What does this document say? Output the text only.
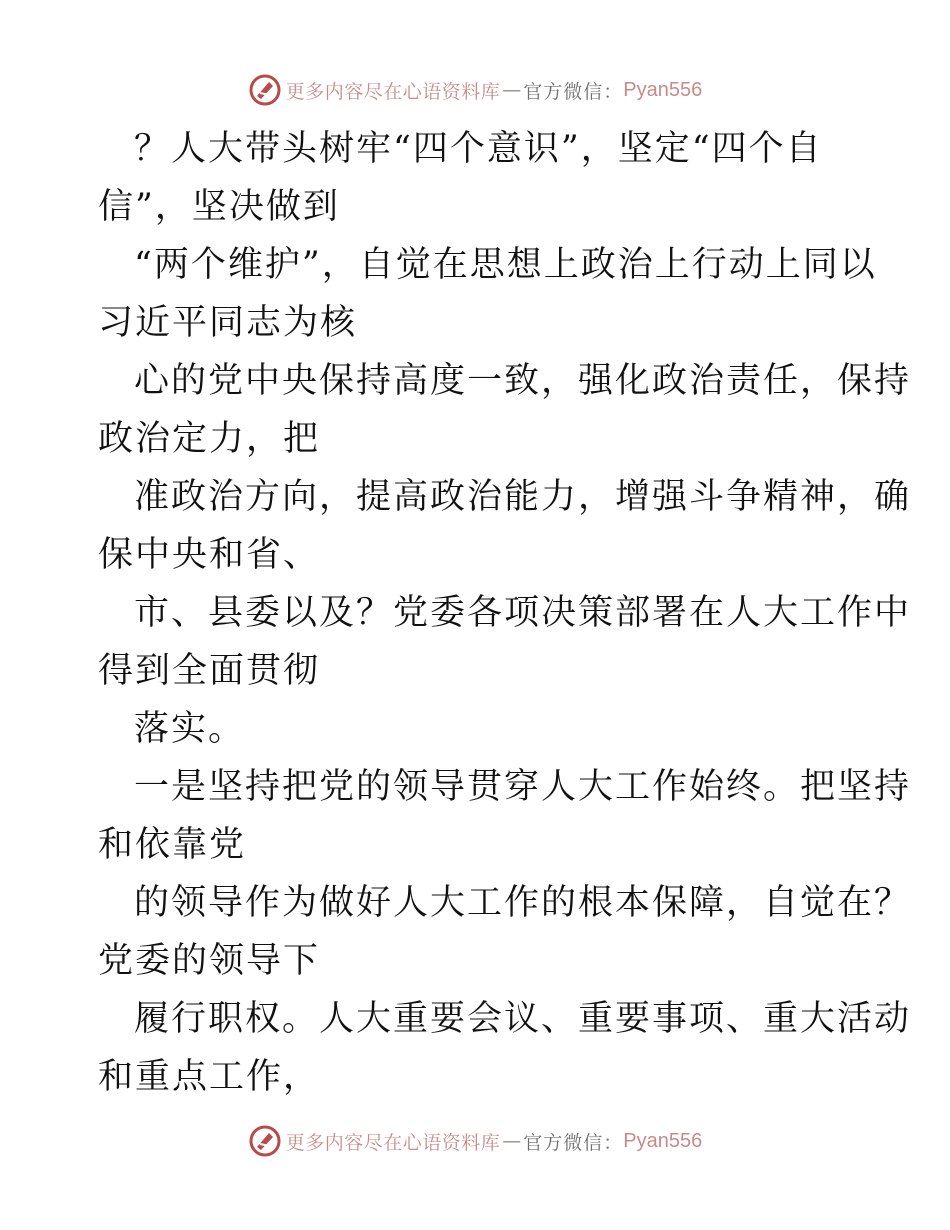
更多内容尽在心语资料库 — 官方微信： Pyan556
？人大带头树牢“四个意识”，坚定“四个自
信”，坚决做到
“两个维护”，自觉在思想上政治上行动上同以
习近平同志为核
心的党中央保持高度一致，强化政治责任，保持
政治定力，把
准政治方向，提高政治能力，增强斗争精神，确
保中央和省、
市、县委以及？党委各项决策部署在人大工作中
得到全面贯彻
落实。
一是坚持把党的领导贯穿人大工作始终。把坚持
和依靠党
的领导作为做好人大工作的根本保障，自觉在？
党委的领导下
履行职权。人大重要会议、重要事项、重大活动
和重点工作，
更多内容尽在心语资料库 — 官方微信： Pyan556
